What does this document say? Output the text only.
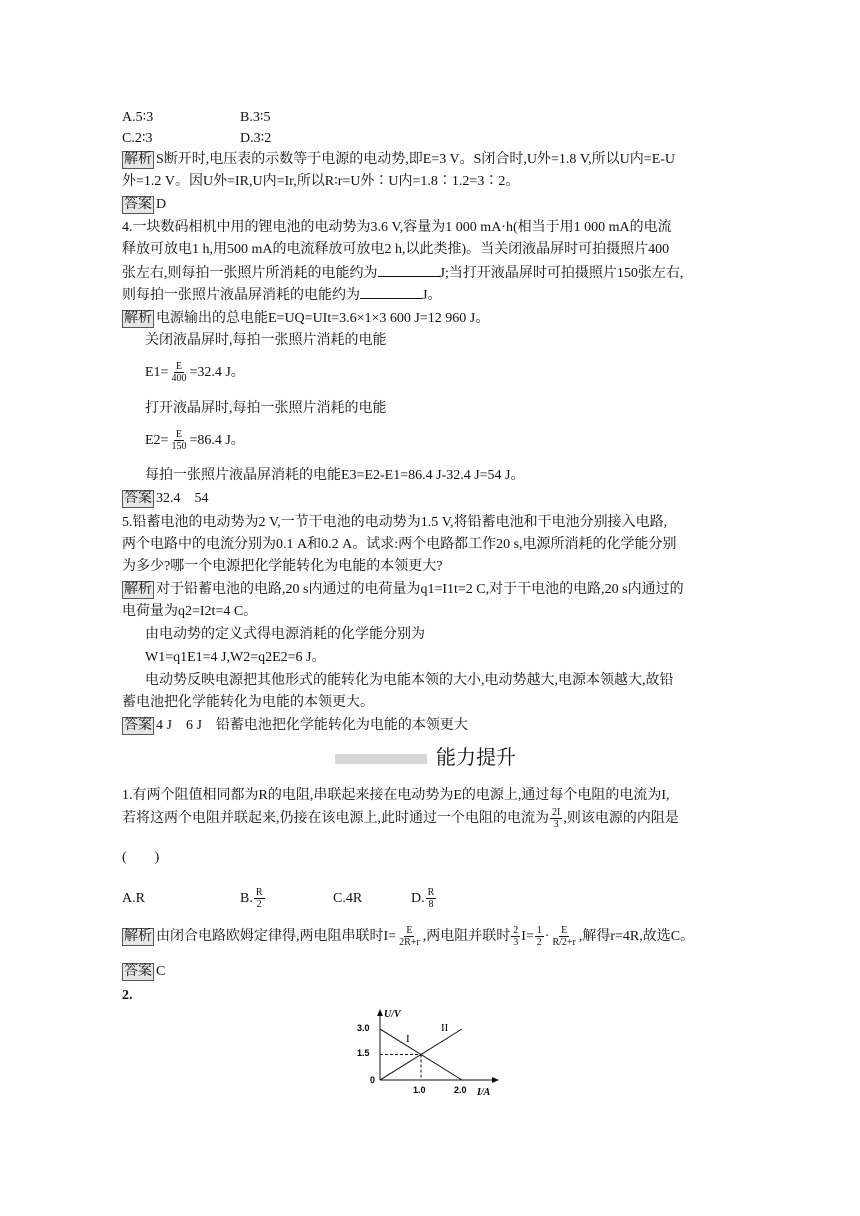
A.5∶3	B.3∶5
C.2∶3	D.3∶2
解析 S断开时,电压表的示数等于电源的电动势,即E=3 V。S闭合时,U外=1.8 V,所以U内=E-U
外=1.2 V。因U外=IR,U内=Ir,所以R∶r=U外∶U内=1.8∶1.2=3∶2。
答案 D
4.一块数码相机中用的锂电池的电动势为3.6 V,容量为1 000 mA·h(相当于用1 000 mA的电流
释放可放电1 h,用500 mA的电流释放可放电2 h,以此类推)。当关闭液晶屏时可拍摄照片400
张左右,则每拍一张照片所消耗的电能约为	J;当打开液晶屏时可拍摄照片150张左右,
则每拍一张照片液晶屏消耗的电能约为	J。
解析 电源输出的总电能E=UQ=UIt=3.6×1×3 600 J=12 960 J。
关闭液晶屏时,每拍一张照片消耗的电能
$E1= \frac{E}{400} =32.4$ J。
打开液晶屏时,每拍一张照片消耗的电能
$E2= \frac{E}{150} =86.4$ J。
每拍一张照片液晶屏消耗的电能E3=E2-E1=86.4 J-32.4 J=54 J。
答案 32.4　54
5.铅蓄电池的电动势为2 V,一节干电池的电动势为1.5 V,将铅蓄电池和干电池分别接入电路,
两个电路中的电流分别为0.1 A和0.2 A。试求:两个电路都工作20 s,电源所消耗的化学能分别
为多少?哪一个电源把化学能转化为电能的本领更大?
解析 对于铅蓄电池的电路,20 s内通过的电荷量为q1=I1t=2 C,对于干电池的电路,20 s内通过的
电荷量为q2=I2t=4 C。
由电动势的定义式得电源消耗的化学能分别为
W1=q1E1=4 J,W2=q2E2=6 J。
电动势反映电源把其他形式的能转化为电能本领的大小,电动势越大,电源本领越大,故铅
蓄电池把化学能转化为电能的本领更大。
答案 4 J　6 J　铅蓄电池把化学能转化为电能的本领更大
能力提升
1.有两个阻值相同都为R的电阻,串联起来接在电动势为E的电源上,通过每个电阻的电流为I,
若将这两个电阻并联起来,仍接在该电源上,此时通过一个电阻的电流为 $\frac{2I}{3}$ ,则该电源的内阻是
(　　)
A.R	B. $\frac{R}{2}$	C.4R	D. $\frac{R}{8}$
解析 由闭合电路欧姆定律得,两电阻串联时$I= \frac{E}{2R+r}$ ,两电阻并联时 $\frac{2}{3} I= \frac{1}{2} \cdot \frac{E}{R/2+r}$ ,解得r=4R,故选C。
答案 C
2.
U/V
I/A
3.0
1.5
0
1.0	2.0
I
II
